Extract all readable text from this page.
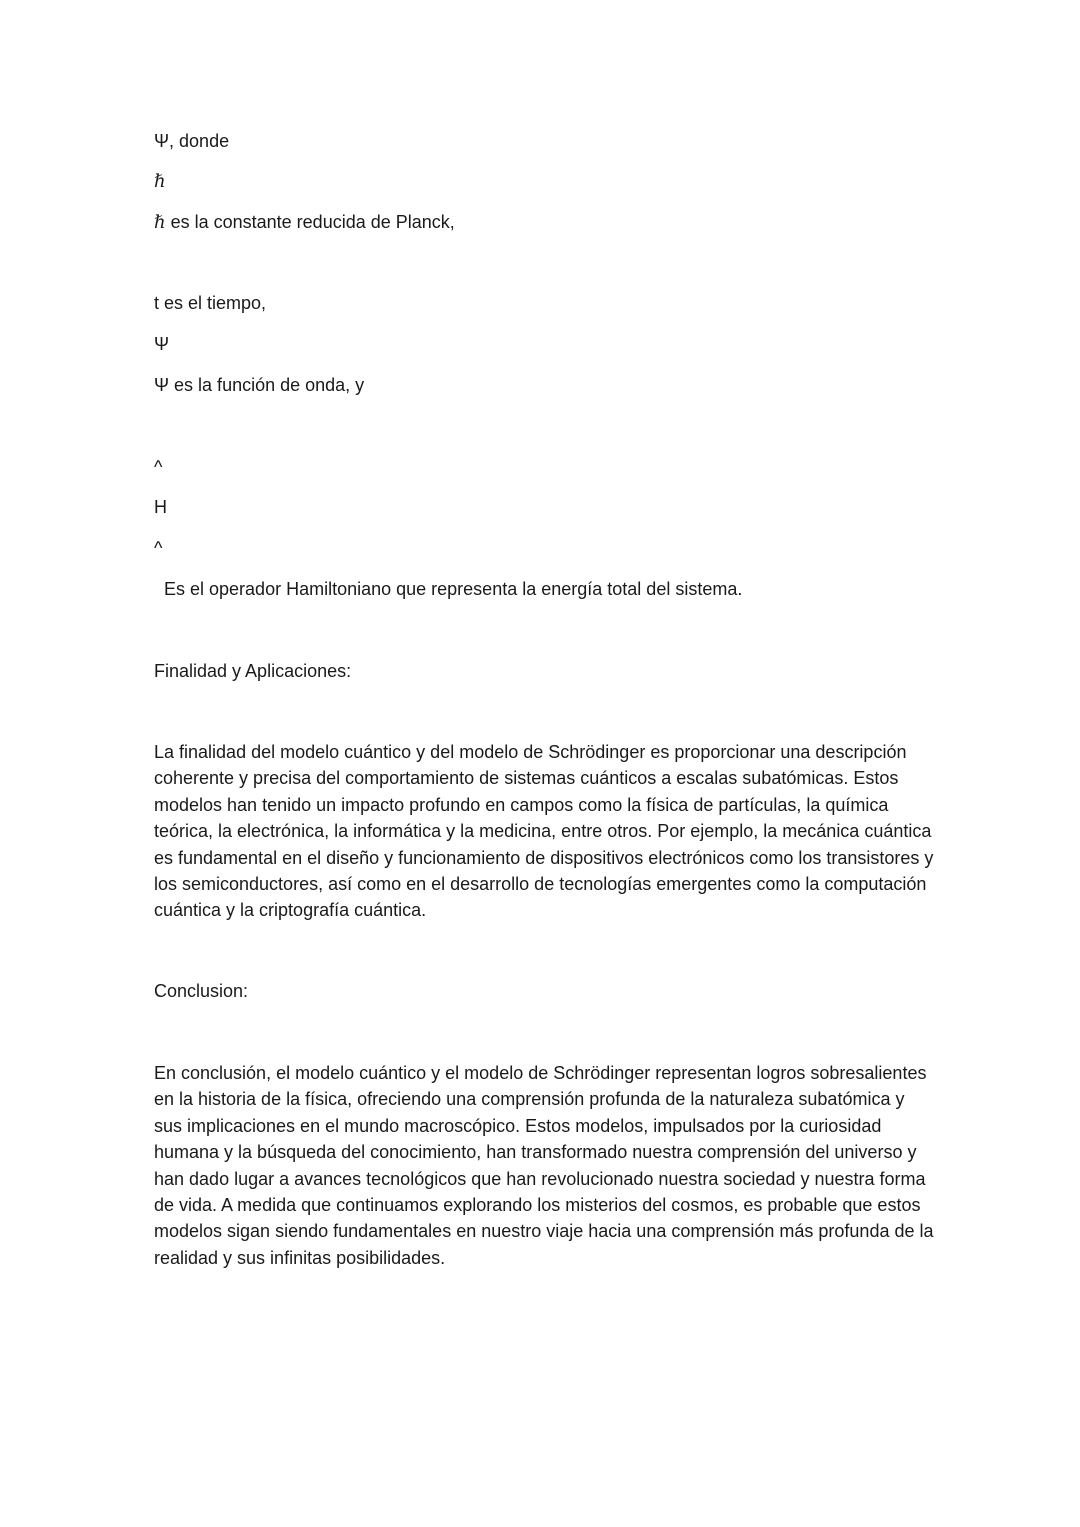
Ψ, donde
ℏ
ℏ es la constante reducida de Planck,
t es el tiempo,
Ψ
Ψ es la función de onda, y
^
H
^
Es el operador Hamiltoniano que representa la energía total del sistema.
Finalidad y Aplicaciones:
La finalidad del modelo cuántico y del modelo de Schrödinger es proporcionar una descripción coherente y precisa del comportamiento de sistemas cuánticos a escalas subatómicas. Estos modelos han tenido un impacto profundo en campos como la física de partículas, la química teórica, la electrónica, la informática y la medicina, entre otros. Por ejemplo, la mecánica cuántica es fundamental en el diseño y funcionamiento de dispositivos electrónicos como los transistores y los semiconductores, así como en el desarrollo de tecnologías emergentes como la computación cuántica y la criptografía cuántica.
Conclusion:
En conclusión, el modelo cuántico y el modelo de Schrödinger representan logros sobresalientes en la historia de la física, ofreciendo una comprensión profunda de la naturaleza subatómica y sus implicaciones en el mundo macroscópico. Estos modelos, impulsados por la curiosidad humana y la búsqueda del conocimiento, han transformado nuestra comprensión del universo y han dado lugar a avances tecnológicos que han revolucionado nuestra sociedad y nuestra forma de vida. A medida que continuamos explorando los misterios del cosmos, es probable que estos modelos sigan siendo fundamentales en nuestro viaje hacia una comprensión más profunda de la realidad y sus infinitas posibilidades.
